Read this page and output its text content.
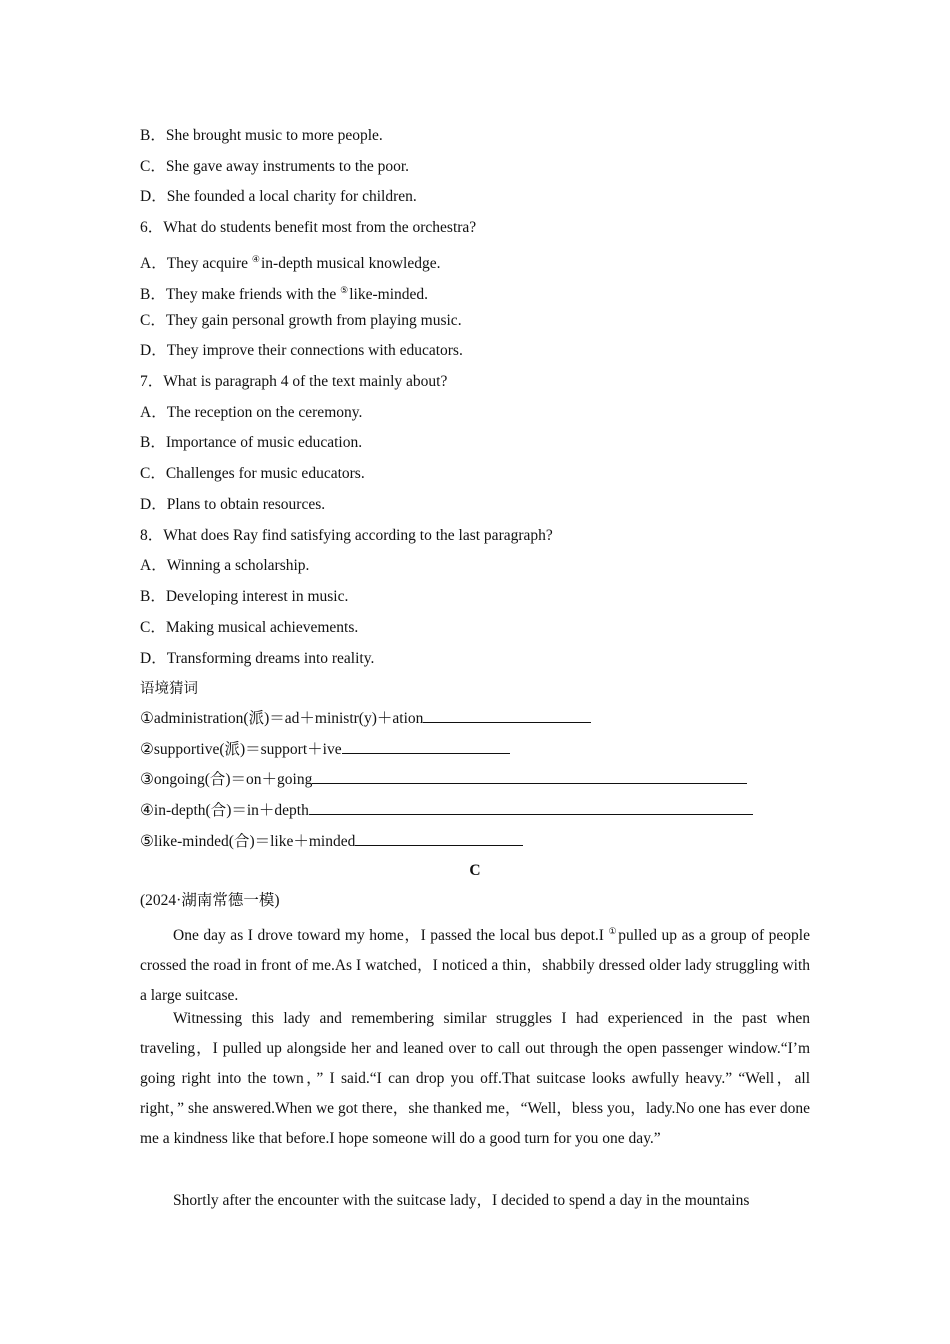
B．She brought music to more people.
C．She gave away instruments to the poor.
D．She founded a local charity for children.
6．What do students benefit most from the orchestra?
A．They acquire ④in-depth musical knowledge.
B．They make friends with the ⑤like-minded.
C．They gain personal growth from playing music.
D．They improve their connections with educators.
7．What is paragraph 4 of the text mainly about?
A．The reception on the ceremony.
B．Importance of music education.
C．Challenges for music educators.
D．Plans to obtain resources.
8．What does Ray find satisfying according to the last paragraph?
A．Winning a scholarship.
B．Developing interest in music.
C．Making musical achievements.
D．Transforming dreams into reality.
语境猜词
①administration(派)＝ad＋ministr(y)＋ation
②supportive(派)＝support＋ive
③ongoing(合)＝on＋going
④in-depth(合)＝in＋depth
⑤like-minded(合)＝like＋minded
C
(2024·湖南常德一模)
One day as I drove toward my home，I passed the local bus depot.I ①pulled up as a group of people crossed the road in front of me.As I watched，I noticed a thin，shabbily dressed older lady struggling with a large suitcase.
Witnessing this lady and remembering similar struggles I had experienced in the past when traveling，I pulled up alongside her and leaned over to call out through the open passenger window.“I’m going right into the town，” I said.“I can drop you off.That suitcase looks awfully heavy.” “Well，all right，” she answered.When we got there，she thanked me，“Well，bless you，lady.No one has ever done me a kindness like that before.I hope someone will do a good turn for you one day.”
Shortly after the encounter with the suitcase lady，I decided to spend a day in the mountains
